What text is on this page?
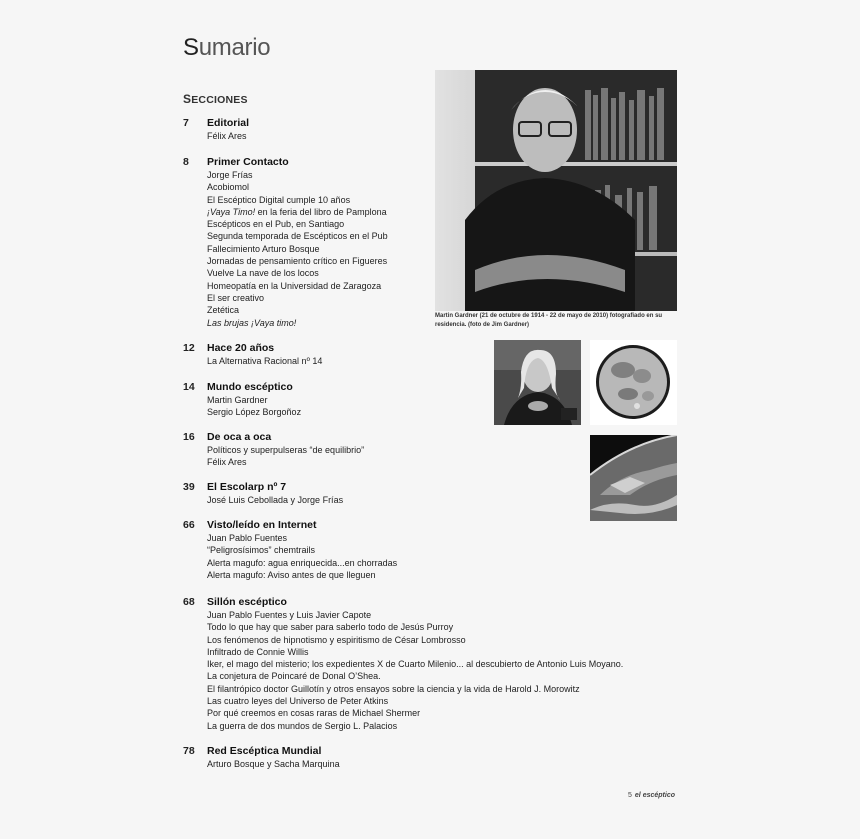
Sumario
SECCIONES
7 Editorial
Félix Ares
8 Primer Contacto
Jorge Frías
Acobiomol
El Escéptico Digital cumple 10 años
¡Vaya Timo! en la feria del libro de Pamplona
Escépticos en el Pub, en Santiago
Segunda temporada de Escépticos en el Pub
Fallecimiento Arturo Bosque
Jornadas de pensamiento crítico en Figueres
Vuelve La nave de los locos
Homeopatía en la Universidad de Zaragoza
El ser creativo
Zetética
Las brujas ¡Vaya timo!
12 Hace 20 años
La Alternativa Racional nº 14
14 Mundo escéptico
Martin Gardner
Sergio López Borgoñoz
16 De oca a oca
Políticos y superpulseras “de equilibrio”
Félix Ares
39 El Escolarp nº 7
José Luis Cebollada y Jorge Frías
66 Visto/leído en Internet
Juan Pablo Fuentes
“Peligrosísimos” chemtrails
Alerta magufo: agua enriquecida...en chorradas
Alerta magufo: Aviso antes de que lleguen
68 Sillón escéptico
Juan Pablo Fuentes y Luis Javier Capote
Todo lo que hay que saber para saberlo todo de Jesús Purroy
Los fenómenos de hipnotismo y espiritismo de César Lombrosso
Infiltrado de Connie Willis
Iker, el mago del misterio; los expedientes X de Cuarto Milenio... al descubierto de Antonio Luis Moyano.
La conjetura de Poincaré de Donal O’Shea.
El filantrópico doctor Guillotín y otros ensayos sobre la ciencia y la vida de Harold J. Morowitz
Las cuatro leyes del Universo de Peter Atkins
Por qué creemos en cosas raras de Michael Shermer
La guerra de dos mundos de Sergio L. Palacios
78 Red Escéptica Mundial
Arturo Bosque y Sacha Marquina
Martin Gardner (21 de octubre de 1914 - 22 de mayo de 2010) fotografiado en su residencia. (foto de Jim Gardner)
5 el escéptico
